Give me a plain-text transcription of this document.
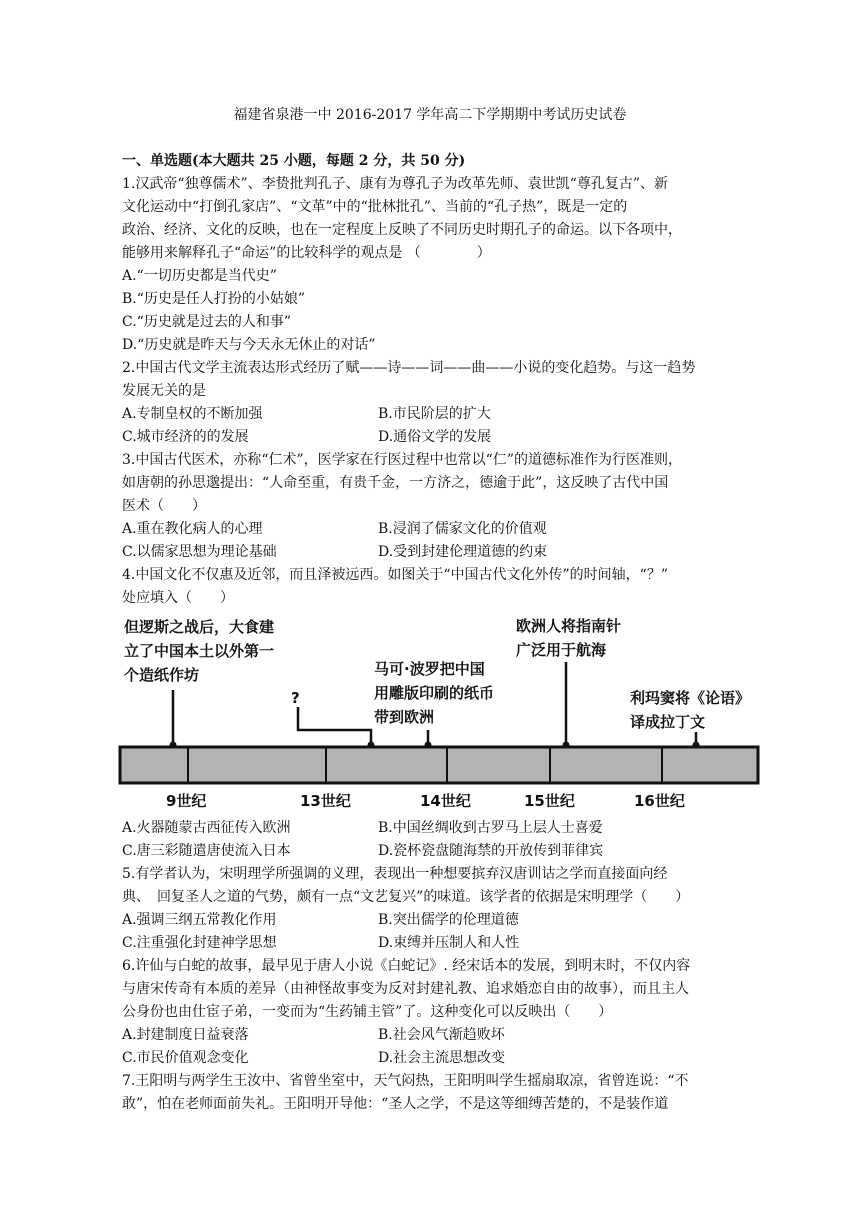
福建省泉港一中 2016-2017 学年高二下学期期中考试历史试卷
一、单选题(本大题共 25 小题，每题 2 分，共 50 分)
1.汉武帝“独尊儒术”、李贽批判孔子、康有为尊孔子为改革先师、袁世凯“尊孔复古”、新
文化运动中“打倒孔家店”、“文革”中的“批林批孔”、当前的“孔子热”，既是一定的
政治、经济、文化的反映，也在一定程度上反映了不同历史时期孔子的命运。以下各项中，
能够用来解释孔子“命运”的比较科学的观点是 （　　　　）
A.“一切历史都是当代史”
B.“历史是任人打扮的小姑娘”
C.“历史就是过去的人和事”
D.“历史就是昨天与今天永无休止的对话”
2.中国古代文学主流表达形式经历了赋——诗——词——曲——小说的变化趋势。与这一趋势
发展无关的是
A.专制皇权的不断加强	B.市民阶层的扩大
C.城市经济的的发展	D.通俗文学的发展
3.中国古代医术，亦称“仁术”，医学家在行医过程中也常以“仁”的道德标准作为行医准则，
如唐朝的孙思邈提出：“人命至重，有贵千金，一方济之，德逾于此”，这反映了古代中国
医术（　　）
A.重在教化病人的心理	B.浸润了儒家文化的价值观
C.以儒家思想为理论基础	D.受到封建伦理道德的约束
4.中国文化不仅惠及近邻，而且泽被远西。如图关于“中国古代文化外传”的时间轴，“？”
处应填入（　　）
但逻斯之战后，大食建
立了中国本土以外第一
个造纸作坊
?
马可·波罗把中国
用雕版印刷的纸币
带到欧洲
欧洲人将指南针
广泛用于航海
利玛窦将《论语》
译成拉丁文
9世纪	13世纪	14世纪	15世纪	16世纪
A.火器随蒙古西征传入欧洲	B.中国丝绸收到古罗马上层人士喜爱
C.唐三彩随遣唐使流入日本	D.瓷杯瓷盘随海禁的开放传到菲律宾
5.有学者认为，宋明理学所强调的义理，表现出一种想要摈弃汉唐训诂之学而直接面向经
典、　回复圣人之道的气势，颇有一点“文艺复兴”的味道。该学者的依据是宋明理学（　　）
A.强调三纲五常教化作用	B.突出儒学的伦理道德
C.注重强化封建神学思想	D.束缚并压制人和人性
6.许仙与白蛇的故事，最早见于唐人小说《白蛇记》. 经宋话本的发展，到明末时，不仅内容
与唐宋传奇有本质的差异（由神怪故事变为反对封建礼教、追求婚恋自由的故事），而且主人
公身份也由仕宦子弟，一变而为“生药铺主管”了。这种变化可以反映出（　　）
A.封建制度日益衰落	B.社会风气渐趋败坏
C.市民价值观念变化	D.社会主流思想改变
7.王阳明与两学生王汝中、省曾坐室中，天气闷热，王阳明叫学生摇扇取凉，省曾连说：“不
敢”，怕在老师面前失礼。王阳明开导他：“圣人之学，不是这等细缚苦楚的，不是装作道
